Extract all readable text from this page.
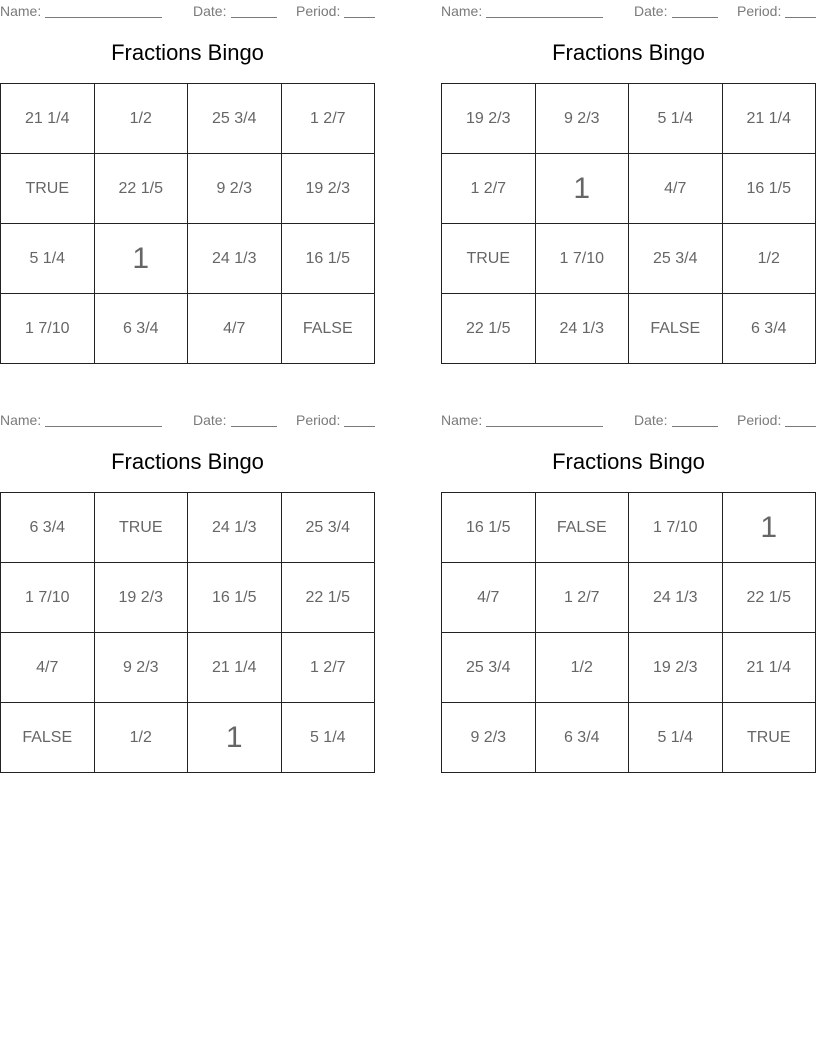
Name:	Date:	Period:
Fractions Bingo
21 1/4	1/2	25 3/4	1 2/7
TRUE	22 1/5	9 2/3	19 2/3
5 1/4	1	24 1/3	16 1/5
1 7/10	6 3/4	4/7	FALSE
Name:	Date:	Period:
Fractions Bingo
19 2/3	9 2/3	5 1/4	21 1/4
1 2/7	1	4/7	16 1/5
TRUE	1 7/10	25 3/4	1/2
22 1/5	24 1/3	FALSE	6 3/4
Name:	Date:	Period:
Fractions Bingo
6 3/4	TRUE	24 1/3	25 3/4
1 7/10	19 2/3	16 1/5	22 1/5
4/7	9 2/3	21 1/4	1 2/7
FALSE	1/2	1	5 1/4
Name:	Date:	Period:
Fractions Bingo
16 1/5	FALSE	1 7/10	1
4/7	1 2/7	24 1/3	22 1/5
25 3/4	1/2	19 2/3	21 1/4
9 2/3	6 3/4	5 1/4	TRUE
